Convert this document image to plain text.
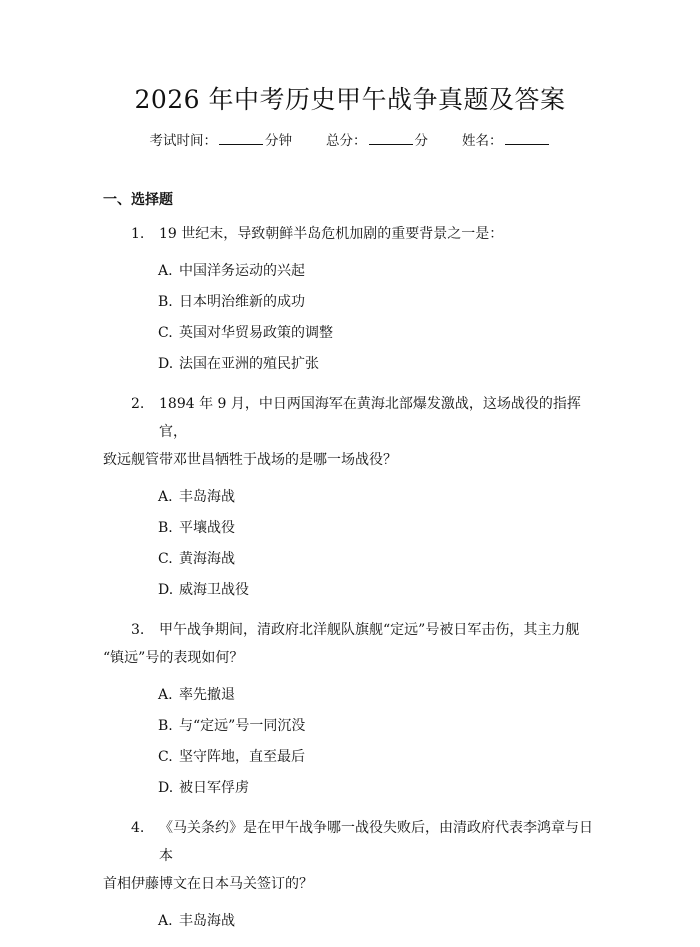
2026 年中考历史甲午战争真题及答案
考试时间：	分钟	总分：	分	姓名：
一、选择题
1.	19 世纪末，导致朝鲜半岛危机加剧的重要背景之一是：
A. 中国洋务运动的兴起
B. 日本明治维新的成功
C. 英国对华贸易政策的调整
D. 法国在亚洲的殖民扩张
2.	1894 年 9 月，中日两国海军在黄海北部爆发激战，这场战役的指挥官，
致远舰管带邓世昌牺牲于战场的是哪一场战役？
A. 丰岛海战
B. 平壤战役
C. 黄海海战
D. 威海卫战役
3.	甲午战争期间，清政府北洋舰队旗舰“定远”号被日军击伤，其主力舰
“镇远”号的表现如何？
A. 率先撤退
B. 与“定远”号一同沉没
C. 坚守阵地，直至最后
D. 被日军俘虏
4.	《马关条约》是在甲午战争哪一战役失败后，由清政府代表李鸿章与日本
首相伊藤博文在日本马关签订的？
A. 丰岛海战
